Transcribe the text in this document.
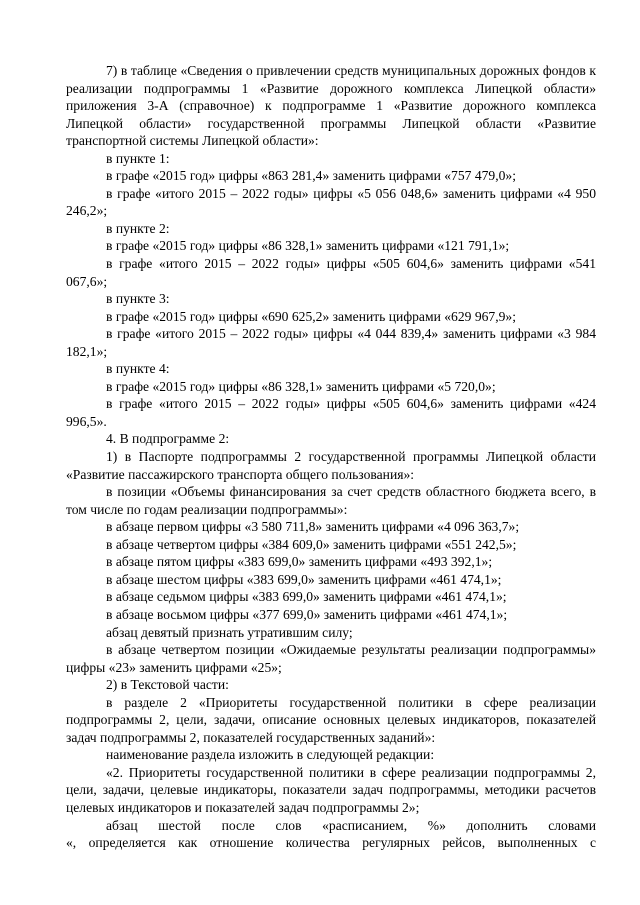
7) в таблице «Сведения о привлечении средств муниципальных дорожных фондов к реализации подпрограммы 1 «Развитие дорожного комплекса Липецкой области» приложения 3-А (справочное) к подпрограмме 1 «Развитие дорожного комплекса Липецкой области» государственной программы Липецкой области «Развитие транспортной системы Липецкой области»:

в пункте 1:

в графе «2015 год» цифры «863 281,4» заменить цифрами «757 479,0»;

в графе «итого 2015 – 2022 годы» цифры «5 056 048,6» заменить цифрами «4 950 246,2»;

в пункте 2:

в графе «2015 год» цифры «86 328,1» заменить цифрами «121 791,1»;

в графе «итого 2015 – 2022 годы» цифры «505 604,6» заменить цифрами «541 067,6»;

в пункте 3:

в графе «2015 год» цифры «690 625,2» заменить цифрами «629 967,9»;

в графе «итого 2015 – 2022 годы» цифры «4 044 839,4» заменить цифрами «3 984 182,1»;

в пункте 4:

в графе «2015 год» цифры «86 328,1» заменить цифрами «5 720,0»;

в графе «итого 2015 – 2022 годы» цифры «505 604,6» заменить цифрами «424 996,5».

4. В подпрограмме 2:

1) в Паспорте подпрограммы 2 государственной программы Липецкой области «Развитие пассажирского транспорта общего пользования»:

в позиции «Объемы финансирования за счет средств областного бюджета всего, в том числе по годам реализации подпрограммы»:

в абзаце первом цифры «3 580 711,8» заменить цифрами «4 096 363,7»;

в абзаце четвертом цифры «384 609,0» заменить цифрами «551 242,5»;

в абзаце пятом цифры «383 699,0» заменить цифрами «493 392,1»;

в абзаце шестом цифры «383 699,0» заменить цифрами «461 474,1»;

в абзаце седьмом цифры «383 699,0» заменить цифрами «461 474,1»;

в абзаце восьмом цифры «377 699,0» заменить цифрами «461 474,1»;

абзац девятый признать утратившим силу;

в абзаце четвертом позиции «Ожидаемые результаты реализации подпрограммы» цифры «23» заменить цифрами «25»;

2) в Текстовой части:

в разделе 2 «Приоритеты государственной политики в сфере реализации подпрограммы 2, цели, задачи, описание основных целевых индикаторов, показателей задач подпрограммы 2, показателей государственных заданий»:

наименование раздела изложить в следующей редакции:

«2. Приоритеты государственной политики в сфере реализации подпрограммы 2, цели, задачи, целевые индикаторы, показатели задач подпрограммы, методики расчетов целевых индикаторов и показателей задач подпрограммы 2»;

абзац шестой после слов «расписанием, %» дополнить словами
«, определяется как отношение количества регулярных рейсов, выполненных с
